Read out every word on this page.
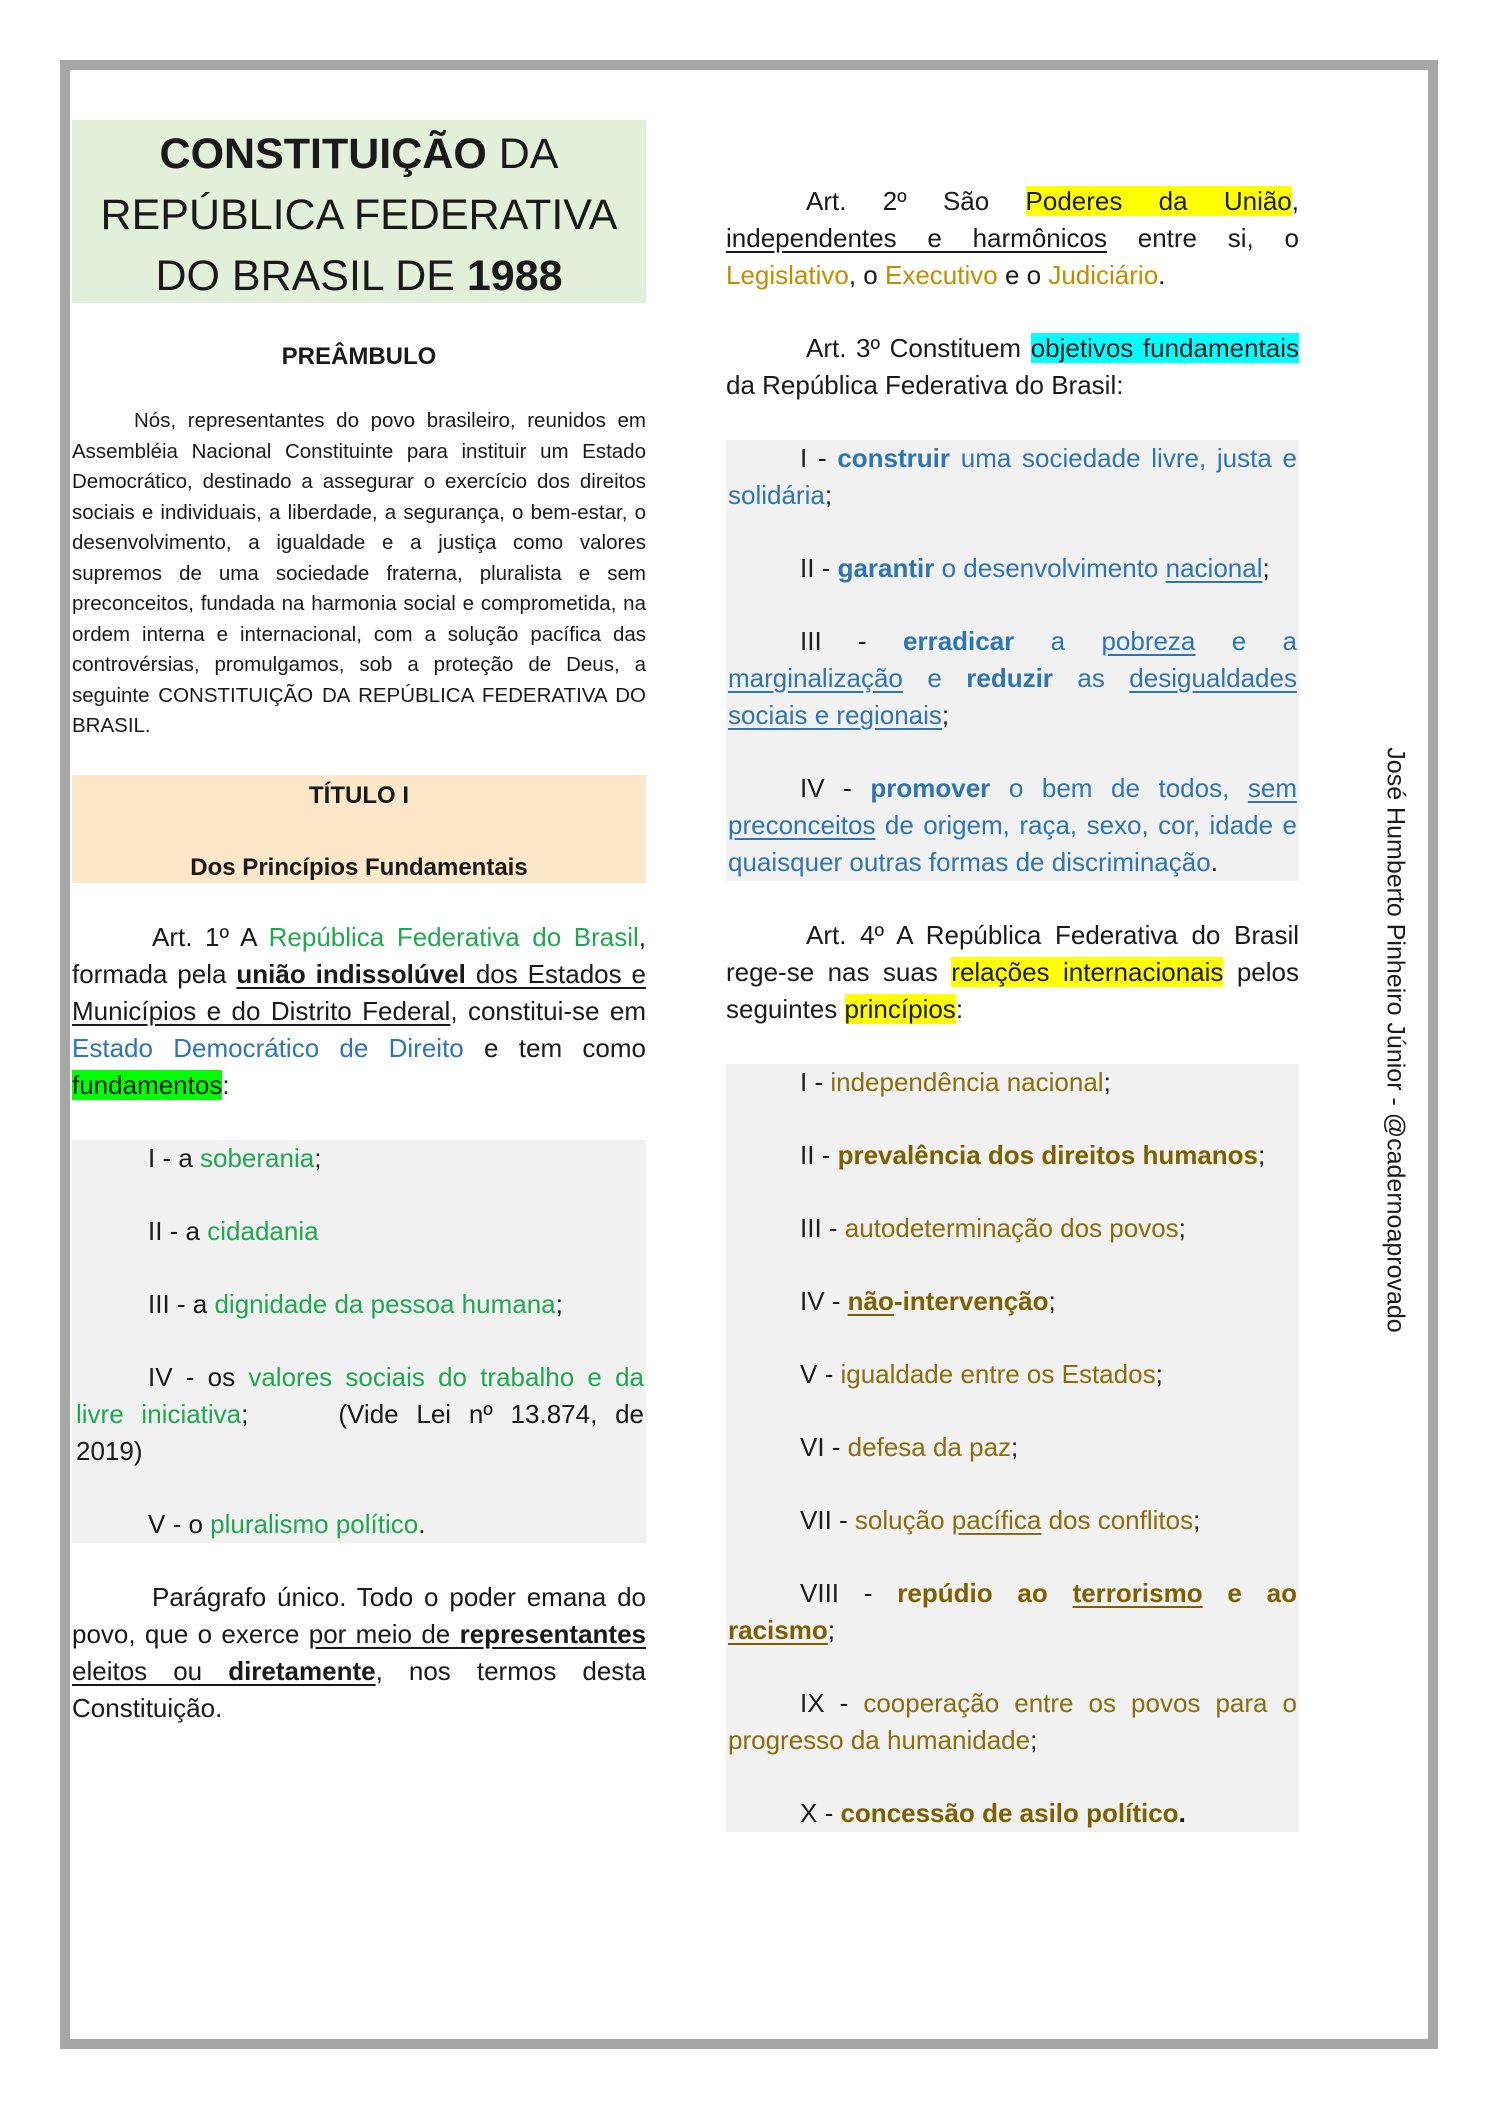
CONSTITUIÇÃO DA
REPÚBLICA FEDERATIVA
DO BRASIL DE 1988
PREÂMBULO

Nós, representantes do povo brasileiro, reunidos em Assembléia Nacional Constituinte para instituir um Estado Democrático, destinado a assegurar o exercício dos direitos sociais e individuais, a liberdade, a segurança, o bem-estar, o desenvolvimento, a igualdade e a justiça como valores supremos de uma sociedade fraterna, pluralista e sem preconceitos, fundada na harmonia social e comprometida, na ordem interna e internacional, com a solução pacífica das controvérsias, promulgamos, sob a proteção de Deus, a seguinte CONSTITUIÇÃO DA REPÚBLICA FEDERATIVA DO BRASIL.

TÍTULO I
Dos Princípios Fundamentais

Art. 1º A República Federativa do Brasil, formada pela união indissolúvel dos Estados e Municípios e do Distrito Federal, constitui-se em Estado Democrático de Direito e tem como fundamentos:

I - a soberania;

II - a cidadania

III - a dignidade da pessoa humana;

IV - os valores sociais do trabalho e da livre iniciativa;	(Vide Lei nº 13.874, de 2019)

V - o pluralismo político.

Parágrafo único. Todo o poder emana do povo, que o exerce por meio de representantes eleitos ou diretamente, nos termos desta Constituição.

Art. 2º São Poderes da União, independentes e harmônicos entre si, o Legislativo, o Executivo e o Judiciário.

Art. 3º Constituem objetivos fundamentais da República Federativa do Brasil:

I - construir uma sociedade livre, justa e solidária;

II - garantir o desenvolvimento nacional;

III - erradicar a pobreza e a marginalização e reduzir as desigualdades sociais e regionais;

IV - promover o bem de todos, sem preconceitos de origem, raça, sexo, cor, idade e quaisquer outras formas de discriminação.

Art. 4º A República Federativa do Brasil rege-se nas suas relações internacionais pelos seguintes princípios:

I - independência nacional;

II - prevalência dos direitos humanos;

III - autodeterminação dos povos;

IV - não-intervenção;

V - igualdade entre os Estados;

VI - defesa da paz;

VII - solução pacífica dos conflitos;

VIII - repúdio ao terrorismo e ao racismo;

IX - cooperação entre os povos para o progresso da humanidade;

X - concessão de asilo político.

José Humberto Pinheiro Júnior - @cadernoaprovado
